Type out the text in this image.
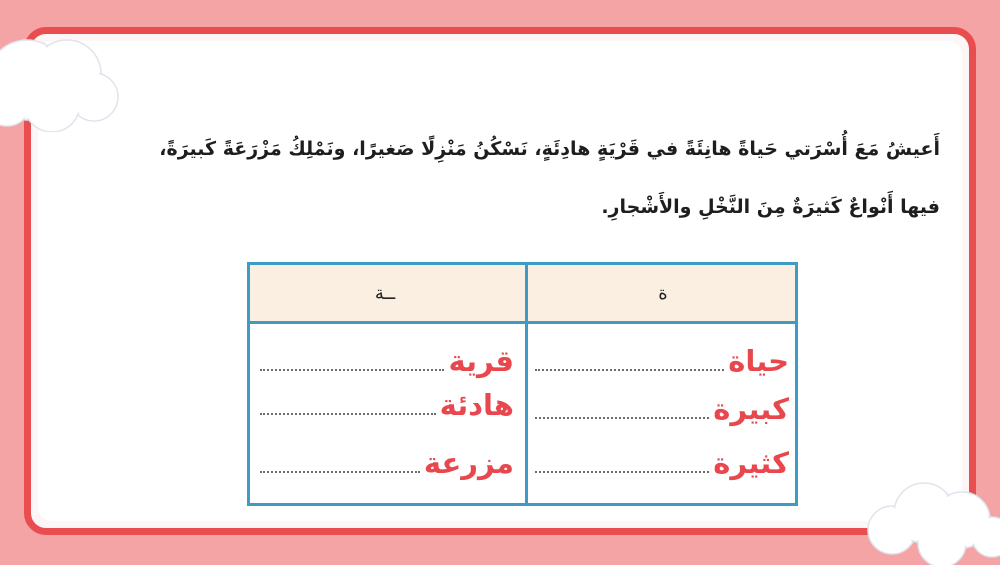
أَعيشُ مَعَ أُسْرَتي حَياةً هانِئَةً في قَرْيَةٍ هادِئَةٍ، نَسْكُنُ مَنْزِلًا صَغيرًا، ونَمْلِكُ مَزْرَعَةً كَبيرَةً،

فيها أَنْواعٌ كَثيرَةٌ مِنَ النَّخْلِ والأَشْجارِ.

ة
ــة
حياة
كبيرة
كثيرة
قرية
هادئة
مزرعة
